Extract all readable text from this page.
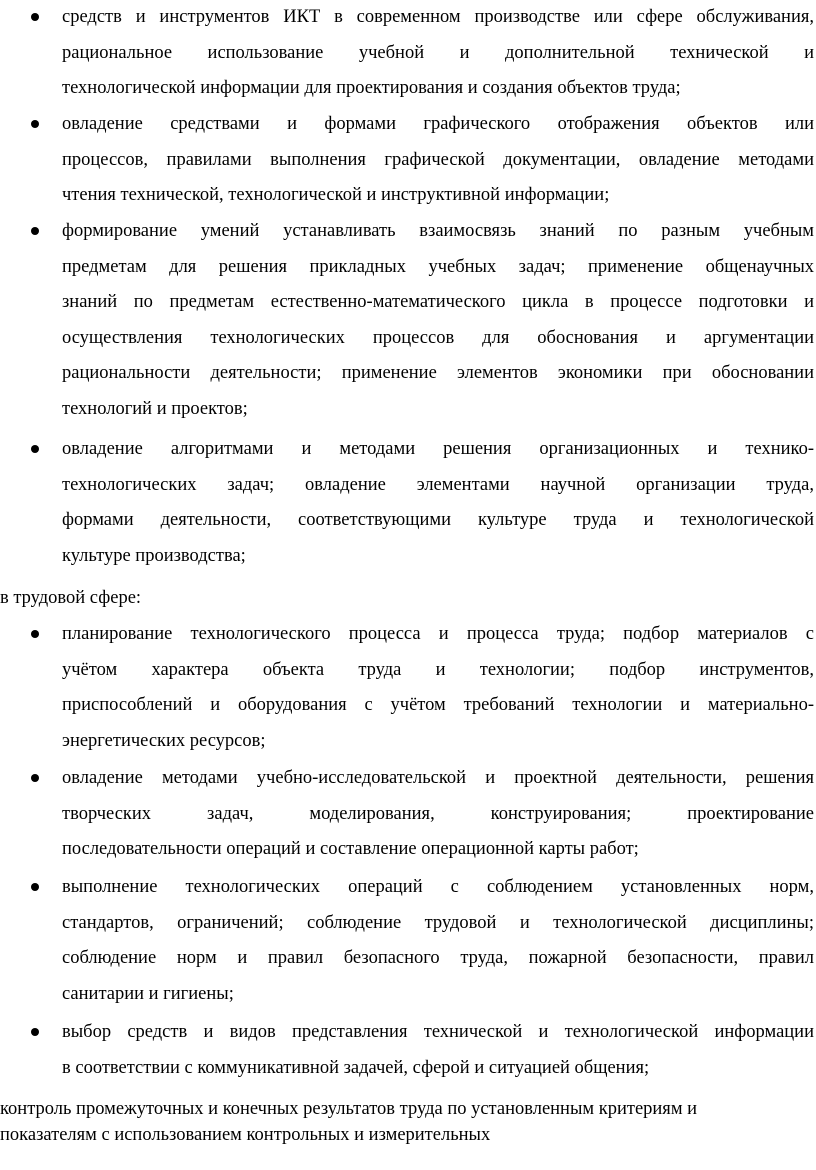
средств и инструментов ИКТ в современном производстве или сфере обслуживания,
рациональное использование учебной и дополнительной технической и
технологической информации для проектирования и создания объектов труда;
овладение средствами и формами графического отображения объектов или
процессов, правилами выполнения графической документации, овладение методами
чтения технической, технологической и инструктивной информации;
формирование умений устанавливать взаимосвязь знаний по разным учебным
предметам для решения прикладных учебных задач; применение общенаучных
знаний по предметам естественно-математического цикла в процессе подготовки и
осуществления технологических процессов для обоснования и аргументации
рациональности деятельности; применение элементов экономики при обосновании
технологий и проектов;
овладение алгоритмами и методами решения организационных и технико-
технологических задач; овладение элементами научной организации труда,
формами деятельности, соответствующими культуре труда и технологической
культуре производства;

в трудовой сфере:

планирование технологического процесса и процесса труда; подбор материалов с
учётом характера объекта труда и технологии; подбор инструментов,
приспособлений и оборудования с учётом требований технологии и материально-
энергетических ресурсов;
овладение методами учебно-исследовательской и проектной деятельности, решения
творческих задач, моделирования, конструирования; проектирование
последовательности операций и составление операционной карты работ;
выполнение технологических операций с соблюдением установленных норм,
стандартов, ограничений; соблюдение трудовой и технологической дисциплины;
соблюдение норм и правил безопасного труда, пожарной безопасности, правил
санитарии и гигиены;
выбор средств и видов представления технической и технологической информации
в соответствии с коммуникативной задачей, сферой и ситуацией общения;
контроль промежуточных и конечных результатов труда по установленным критериям и
показателям с использованием контрольных и измерительных
